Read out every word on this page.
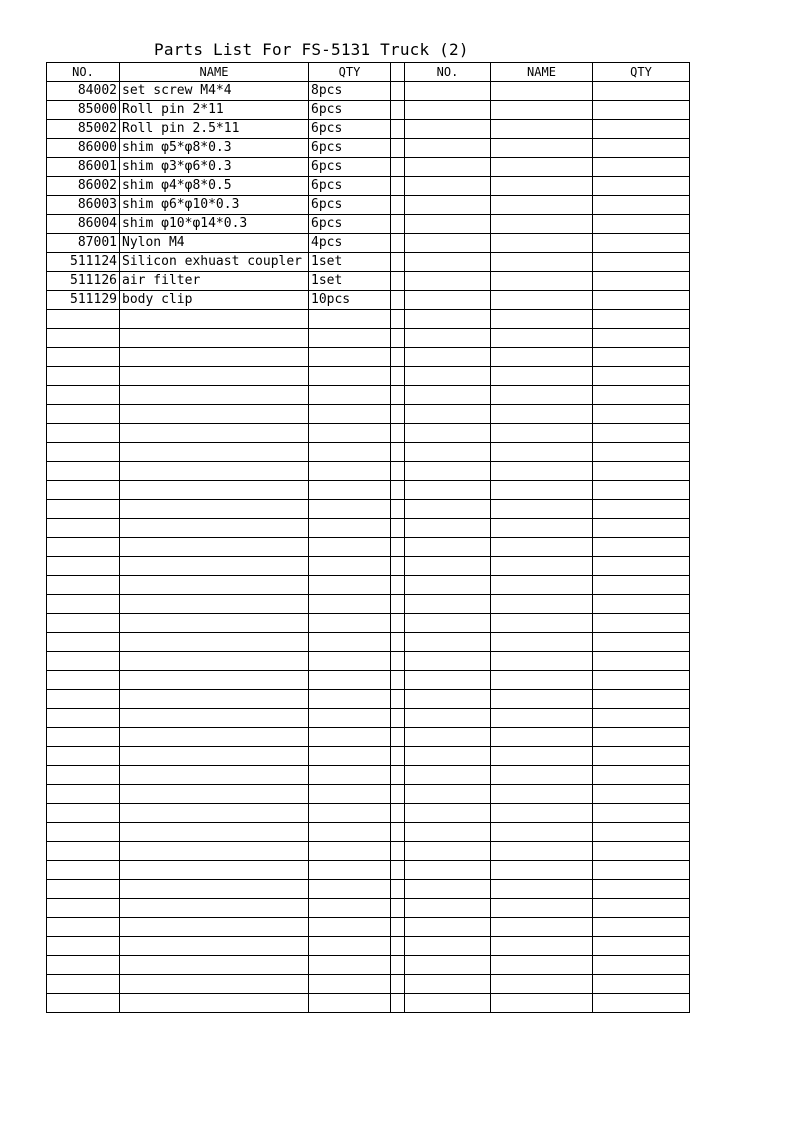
Parts List For FS-5131 Truck (2)
NO.	NAME	QTY		NO.	NAME	QTY
84002	set screw M4*4	8pcs				
85000	Roll pin 2*11	6pcs				
85002	Roll pin 2.5*11	6pcs				
86000	shim φ5*φ8*0.3	6pcs				
86001	shim φ3*φ6*0.3	6pcs				
86002	shim φ4*φ8*0.5	6pcs				
86003	shim φ6*φ10*0.3	6pcs				
86004	shim φ10*φ14*0.3	6pcs				
87001	Nylon M4	4pcs				
511124	Silicon exhuast coupler	1set				
511126	air filter	1set				
511129	body clip	10pcs				
